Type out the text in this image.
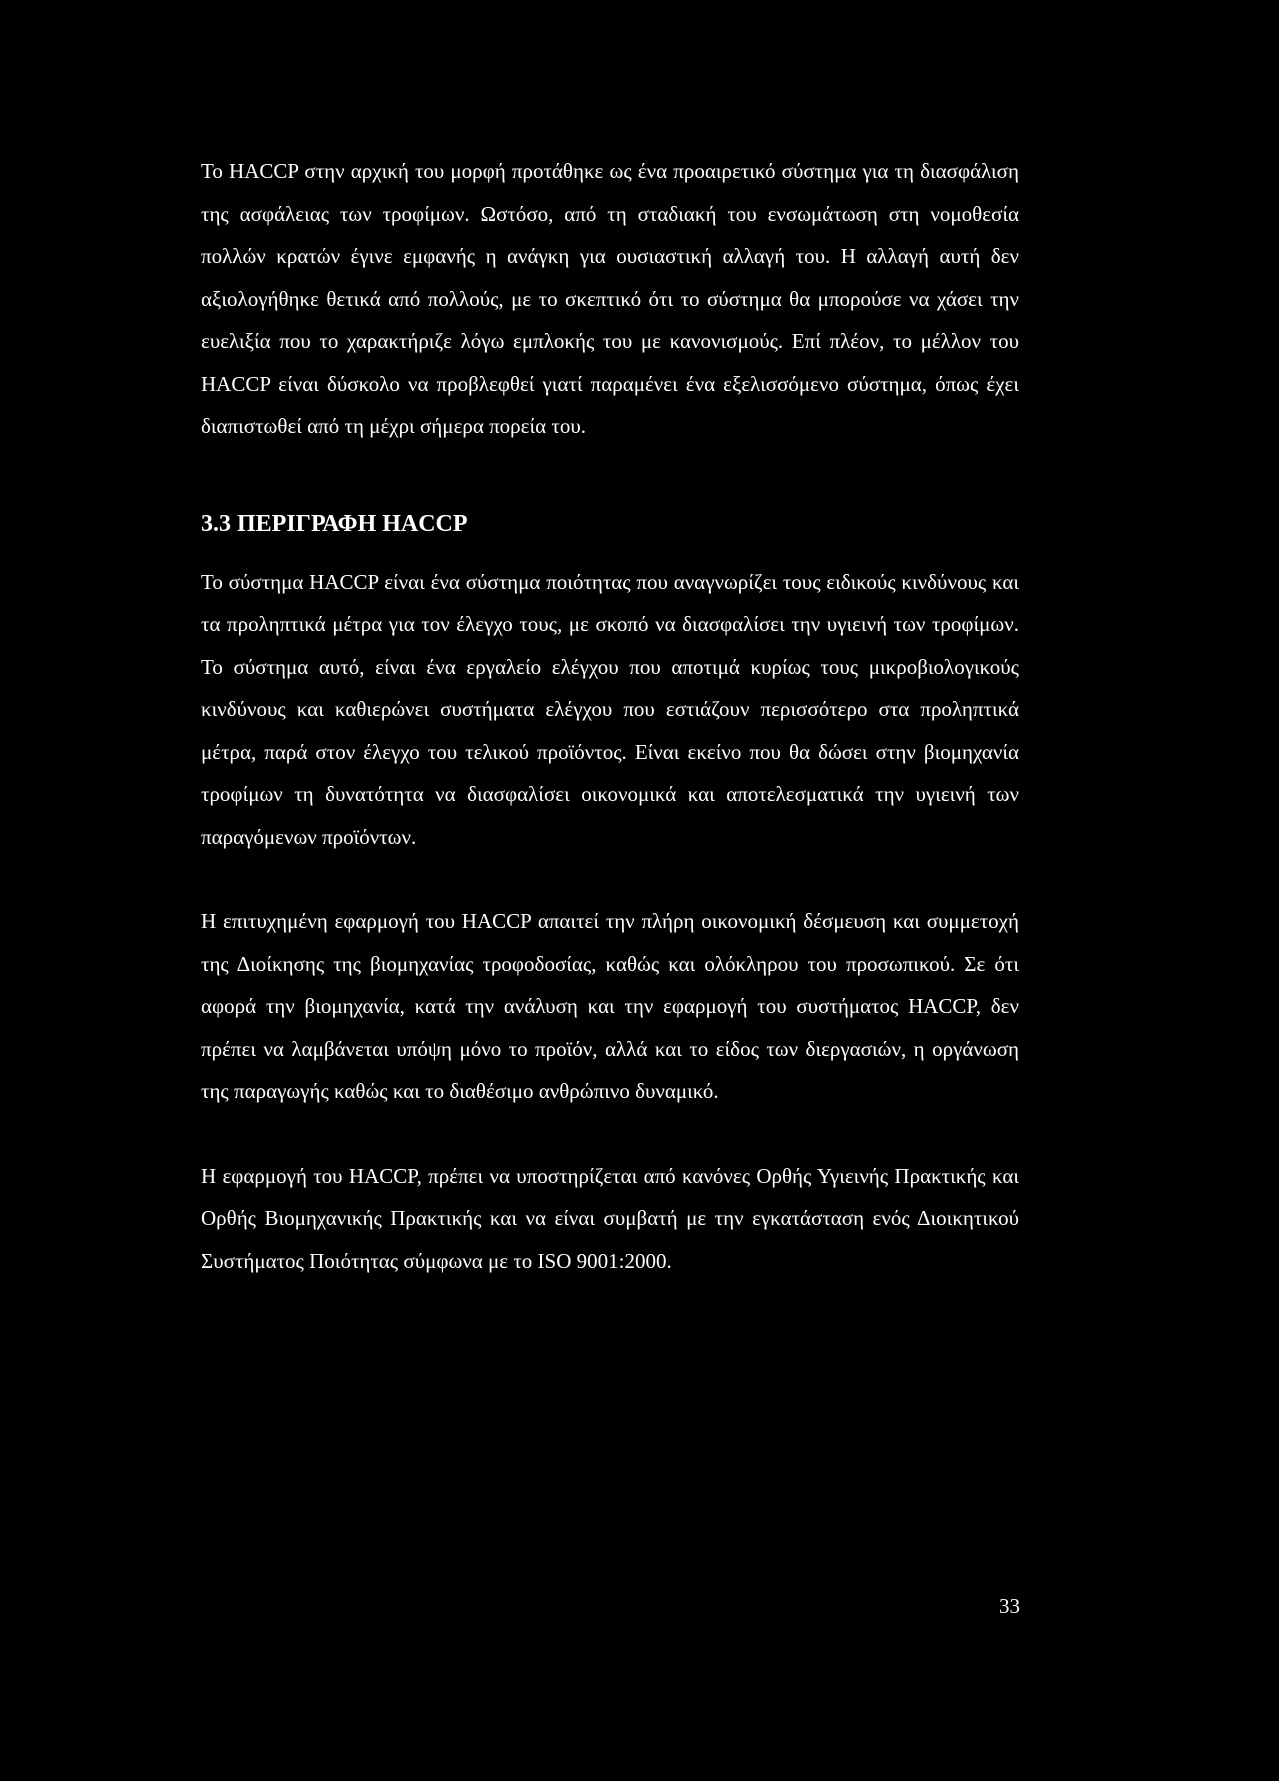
Το HACCP στην αρχική του μορφή προτάθηκε ως ένα προαιρετικό σύστημα για τη διασφάλιση της ασφάλειας των τροφίμων. Ωστόσο, από τη σταδιακή του ενσωμάτωση στη νομοθεσία πολλών κρατών έγινε εμφανής η ανάγκη για ουσιαστική αλλαγή του. Η αλλαγή αυτή δεν αξιολογήθηκε θετικά από πολλούς, με το σκεπτικό ότι το σύστημα θα μπορούσε να χάσει την ευελιξία που το χαρακτήριζε λόγω εμπλοκής του με κανονισμούς. Επί πλέον, το μέλλον του HACCP είναι δύσκολο να προβλεφθεί γιατί παραμένει ένα εξελισσόμενο σύστημα, όπως έχει διαπιστωθεί από τη μέχρι σήμερα πορεία του.

3.3 ΠΕΡΙΓΡΑΦΗ HACCP

Το σύστημα HACCP είναι ένα σύστημα ποιότητας που αναγνωρίζει τους ειδικούς κινδύνους και τα προληπτικά μέτρα για τον έλεγχο τους, με σκοπό να διασφαλίσει την υγιεινή των τροφίμων. Το σύστημα αυτό, είναι ένα εργαλείο ελέγχου που αποτιμά κυρίως τους μικροβιολογικούς κινδύνους και καθιερώνει συστήματα ελέγχου που εστιάζουν περισσότερο στα προληπτικά μέτρα, παρά στον έλεγχο του τελικού προϊόντος. Είναι εκείνο που θα δώσει στην βιομηχανία τροφίμων τη δυνατότητα να διασφαλίσει οικονομικά και αποτελεσματικά την υγιεινή των παραγόμενων προϊόντων.

Η επιτυχημένη εφαρμογή του HACCP απαιτεί την πλήρη οικονομική δέσμευση και συμμετοχή της Διοίκησης της βιομηχανίας τροφοδοσίας, καθώς και ολόκληρου του προσωπικού. Σε ότι αφορά την βιομηχανία, κατά την ανάλυση και την εφαρμογή του συστήματος HACCP, δεν πρέπει να λαμβάνεται υπόψη μόνο το προϊόν, αλλά και το είδος των διεργασιών, η οργάνωση της παραγωγής καθώς και το διαθέσιμο ανθρώπινο δυναμικό.

Η εφαρμογή του HACCP, πρέπει να υποστηρίζεται από κανόνες Ορθής Υγιεινής Πρακτικής και Ορθής Βιομηχανικής Πρακτικής και να είναι συμβατή με την εγκατάσταση ενός Διοικητικού Συστήματος Ποιότητας σύμφωνα με το ISO 9001:2000.

33
